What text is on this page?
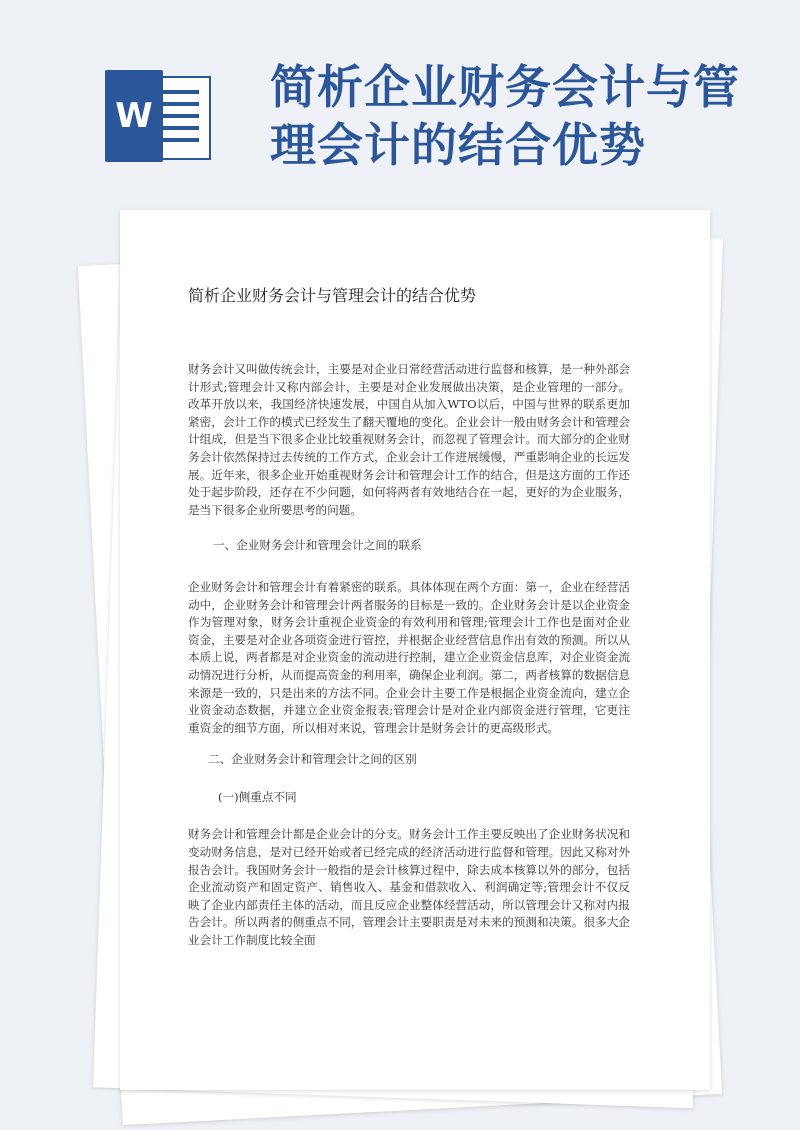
W
简析企业财务会计与管理会计的结合优势

简析企业财务会计与管理会计的结合优势

财务会计又叫做传统会计，主要是对企业日常经营活动进行监督和核算，是一种外部会计形式;管理会计又称内部会计，主要是对企业发展做出决策，是企业管理的一部分。改革开放以来，我国经济快速发展，中国自从加入WTO以后，中国与世界的联系更加紧密，会计工作的模式已经发生了翻天覆地的变化。企业会计一般由财务会计和管理会计组成，但是当下很多企业比较重视财务会计，而忽视了管理会计。而大部分的企业财务会计依然保持过去传统的工作方式，企业会计工作进展缓慢，严重影响企业的长远发展。近年来，很多企业开始重视财务会计和管理会计工作的结合，但是这方面的工作还处于起步阶段，还存在不少问题，如何将两者有效地结合在一起，更好的为企业服务，是当下很多企业所要思考的问题。

一、企业财务会计和管理会计之间的联系

企业财务会计和管理会计有着紧密的联系。具体体现在两个方面：第一，企业在经营活动中，企业财务会计和管理会计两者服务的目标是一致的。企业财务会计是以企业资金作为管理对象，财务会计重视企业资金的有效利用和管理;管理会计工作也是面对企业资金，主要是对企业各项资金进行管控，并根据企业经营信息作出有效的预测。所以从本质上说，两者都是对企业资金的流动进行控制，建立企业资金信息库，对企业资金流动情况进行分析，从而提高资金的利用率，确保企业利润。第二，两者核算的数据信息来源是一致的，只是出来的方法不同。企业会计主要工作是根据企业资金流向，建立企业资金动态数据，并建立企业资金报表;管理会计是对企业内部资金进行管理，它更注重资金的细节方面，所以相对来说，管理会计是财务会计的更高级形式。

二、企业财务会计和管理会计之间的区别

(一)侧重点不同

财务会计和管理会计都是企业会计的分支。财务会计工作主要反映出了企业财务状况和变动财务信息，是对已经开始或者已经完成的经济活动进行监督和管理。因此又称对外报告会计。我国财务会计一般指的是会计核算过程中，除去成本核算以外的部分，包括企业流动资产和固定资产、销售收入、基金和借款收入、利润确定等;管理会计不仅反映了企业内部责任主体的活动，而且反应企业整体经营活动，所以管理会计又称对内报告会计。所以两者的侧重点不同，管理会计主要职责是对未来的预测和决策。很多大企业会计工作制度比较全面
